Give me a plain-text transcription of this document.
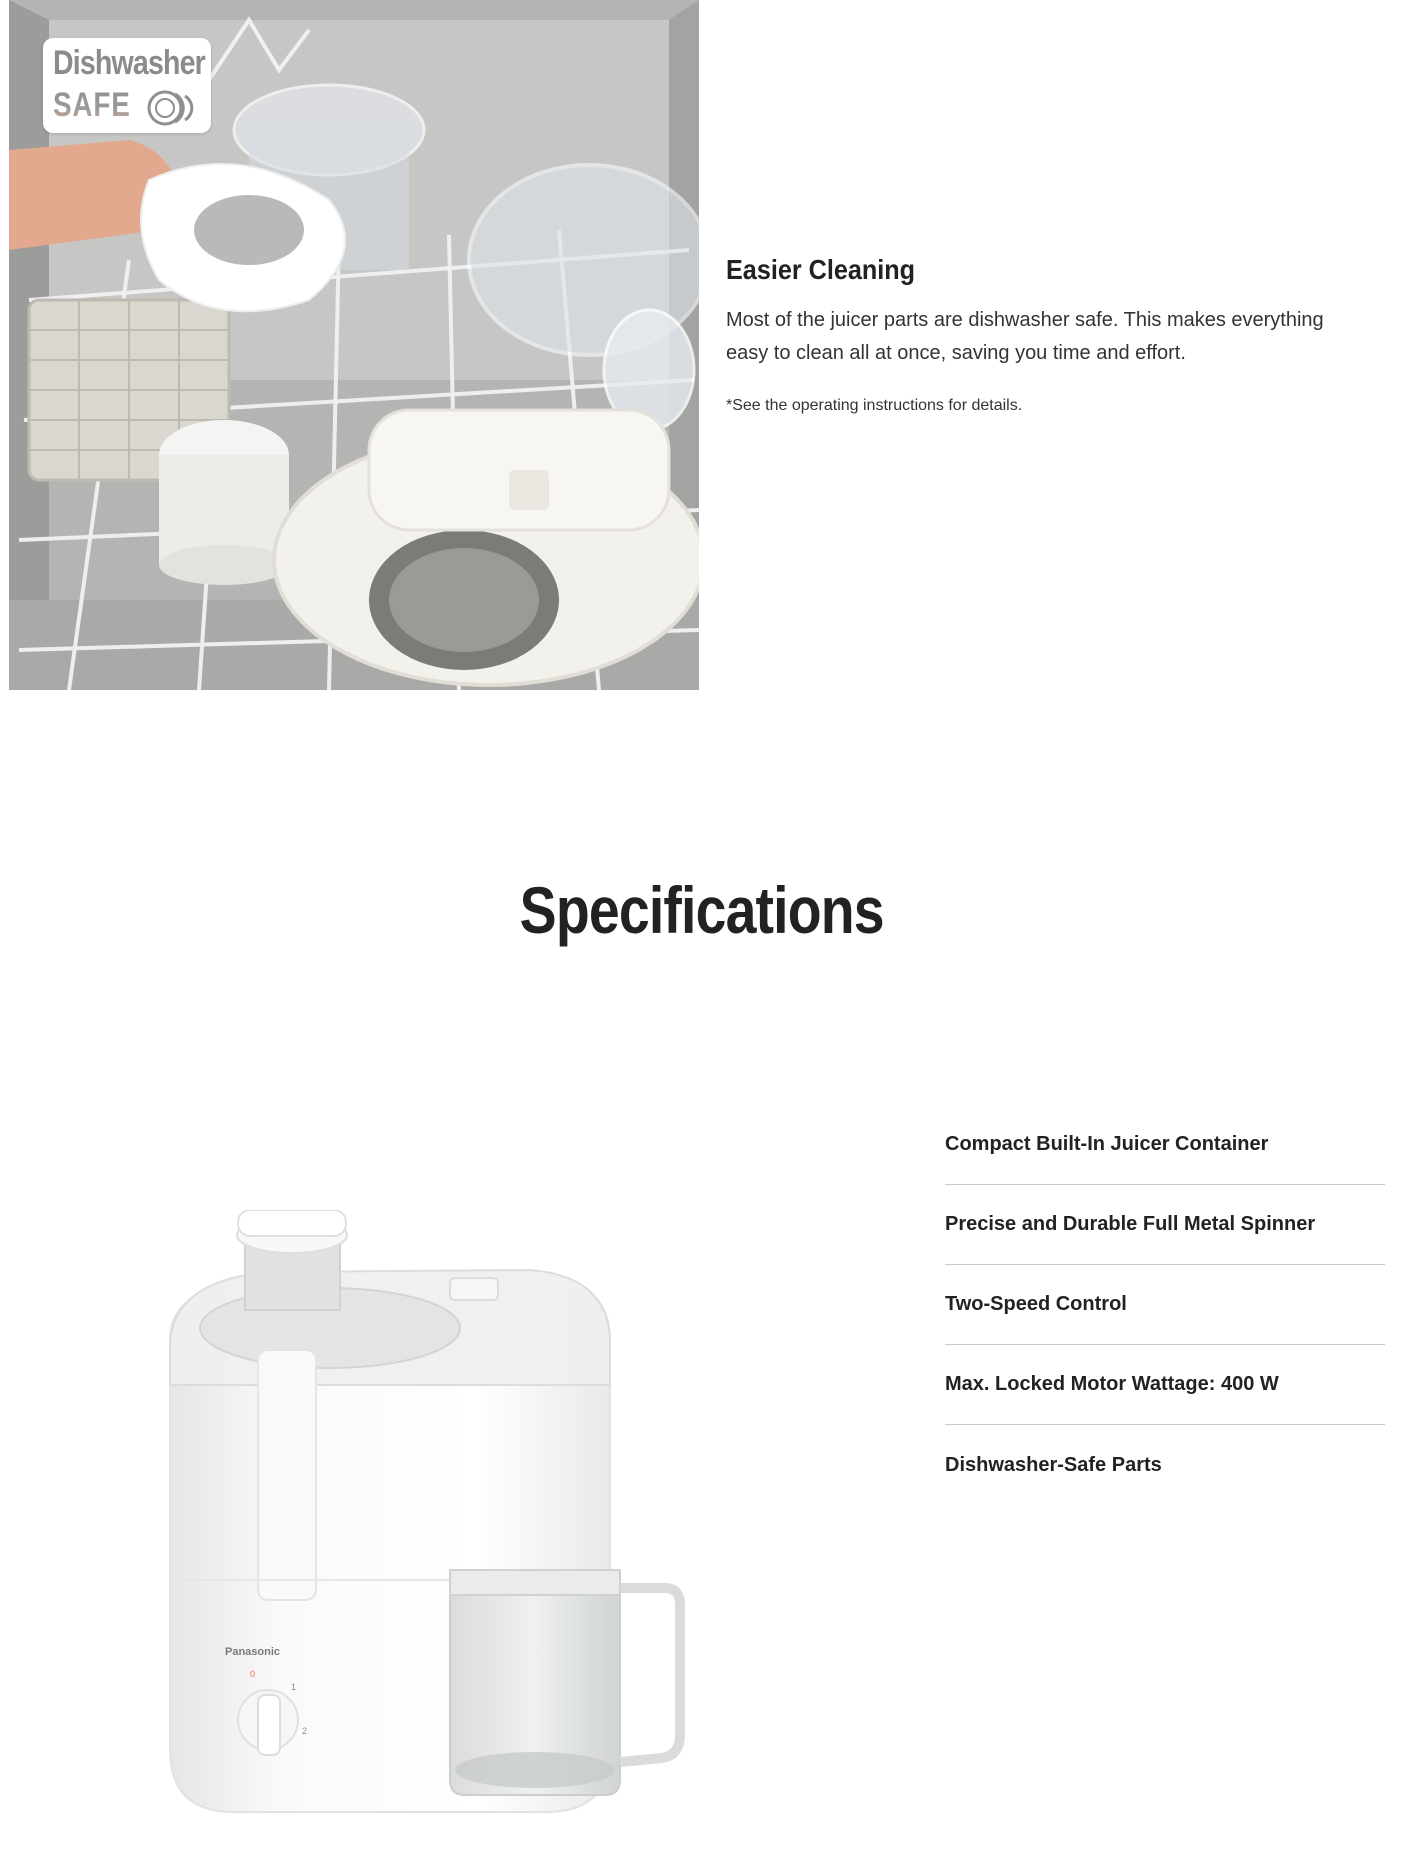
Dishwasher
SAFE
Easier Cleaning

Most of the juicer parts are dishwasher safe. This makes everything easy to clean all at once, saving you time and effort.

*See the operating instructions for details.

Specifications
Panasonic
0
1
2
Compact Built-In Juicer Container
Precise and Durable Full Metal Spinner
Two-Speed Control
Max. Locked Motor Wattage: 400 W
Dishwasher-Safe Parts
